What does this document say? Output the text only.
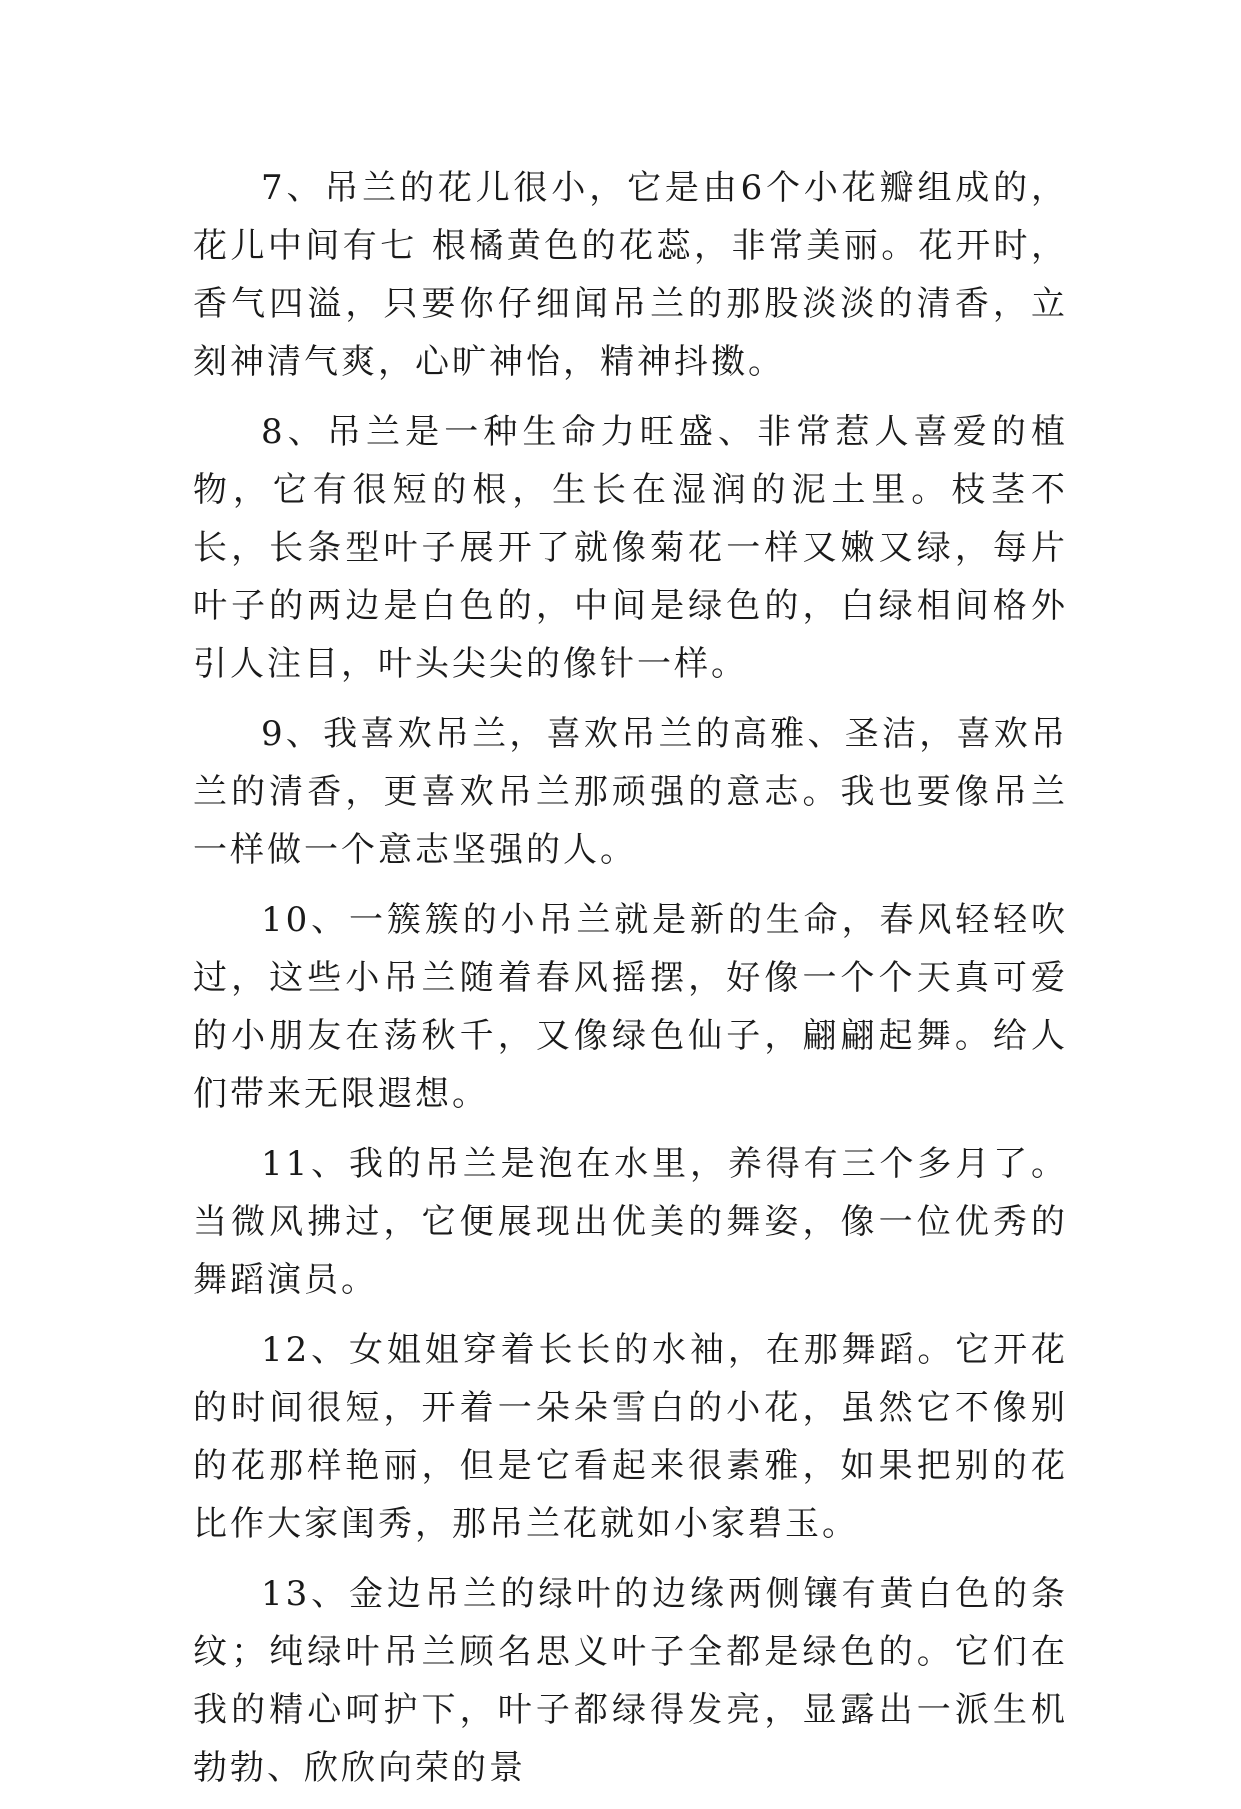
7、吊兰的花儿很小，它是由6个小花瓣组成的，花儿中间有七 根橘黄色的花蕊，非常美丽。花开时，香气四溢，只要你仔细闻吊兰的那股淡淡的清香，立刻神清气爽，心旷神怡，精神抖擞。

8、吊兰是一种生命力旺盛、非常惹人喜爱的植物，它有很短的根，生长在湿润的泥土里。枝茎不长，长条型叶子展开了就像菊花一样又嫩又绿，每片叶子的两边是白色的，中间是绿色的，白绿相间格外引人注目，叶头尖尖的像针一样。

9、我喜欢吊兰，喜欢吊兰的高雅、圣洁，喜欢吊兰的清香，更喜欢吊兰那顽强的意志。我也要像吊兰一样做一个意志坚强的人。

10、一簇簇的小吊兰就是新的生命，春风轻轻吹过，这些小吊兰随着春风摇摆，好像一个个天真可爱的小朋友在荡秋千，又像绿色仙子，翩翩起舞。给人们带来无限遐想。

11、我的吊兰是泡在水里，养得有三个多月了。当微风拂过，它便展现出优美的舞姿，像一位优秀的舞蹈演员。

12、女姐姐穿着长长的水袖，在那舞蹈。它开花的时间很短，开着一朵朵雪白的小花，虽然它不像别的花那样艳丽，但是它看起来很素雅，如果把别的花比作大家闺秀，那吊兰花就如小家碧玉。

13、金边吊兰的绿叶的边缘两侧镶有黄白色的条纹；纯绿叶吊兰顾名思义叶子全都是绿色的。它们在我的精心呵护下，叶子都绿得发亮，显露出一派生机勃勃、欣欣向荣的景
